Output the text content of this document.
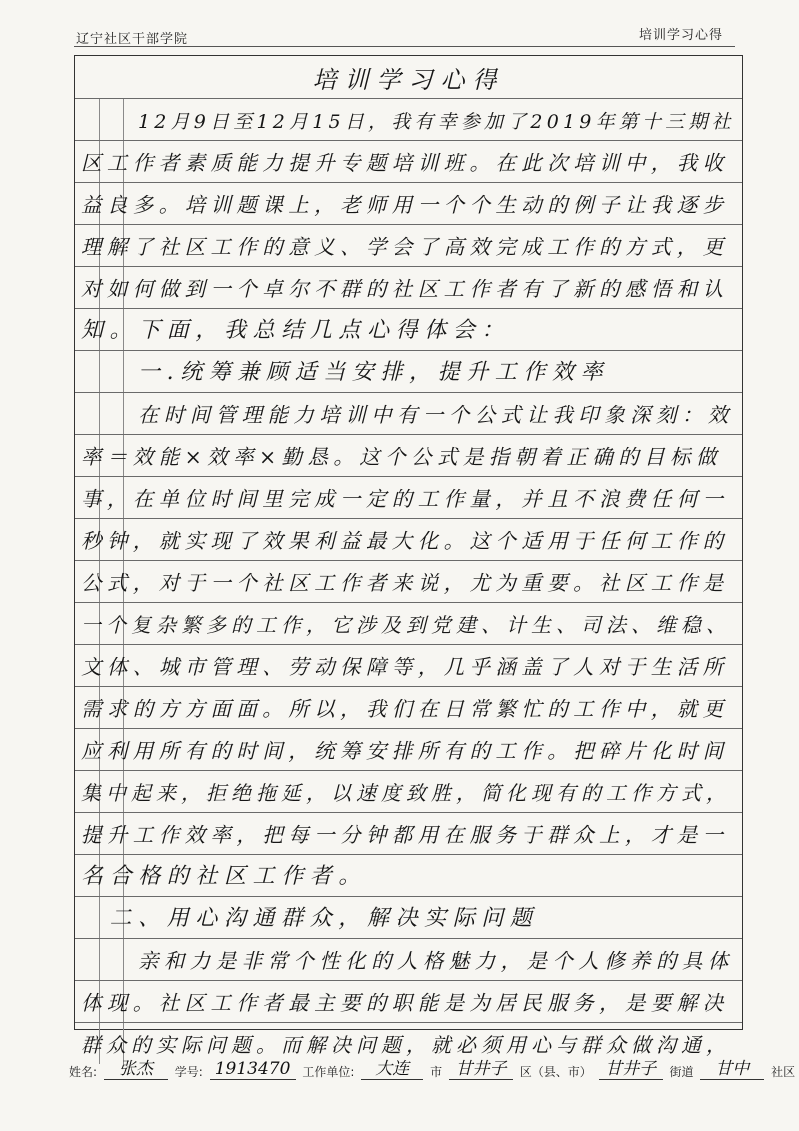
辽宁社区干部学院	培训学习心得
培训学习心得
12月9日至12月15日，我有幸参加了2019年第十三期社
区工作者素质能力提升专题培训班。在此次培训中，我收
益良多。培训题课上，老师用一个个生动的例子让我逐步
理解了社区工作的意义、学会了高效完成工作的方式，更
对如何做到一个卓尔不群的社区工作者有了新的感悟和认
知。下面，我总结几点心得体会：
一.统筹兼顾适当安排，提升工作效率
在时间管理能力培训中有一个公式让我印象深刻：效
率＝效能×效率×勤恳。这个公式是指朝着正确的目标做
事，在单位时间里完成一定的工作量，并且不浪费任何一
秒钟，就实现了效果利益最大化。这个适用于任何工作的
公式，对于一个社区工作者来说，尤为重要。社区工作是
一个复杂繁多的工作，它涉及到党建、计生、司法、维稳、
文体、城市管理、劳动保障等，几乎涵盖了人对于生活所
需求的方方面面。所以，我们在日常繁忙的工作中，就更
应利用所有的时间，统筹安排所有的工作。把碎片化时间
集中起来，拒绝拖延，以速度致胜，简化现有的工作方式，
提升工作效率，把每一分钟都用在服务于群众上，才是一
名合格的社区工作者。
二、用心沟通群众，解决实际问题
亲和力是非常个性化的人格魅力，是个人修养的具体
体现。社区工作者最主要的职能是为居民服务，是要解决
群众的实际问题。而解决问题，就必须用心与群众做沟通，
姓名: 张杰 学号: 1913470 工作单位: 大连 市 甘井子 区（县、市） 甘井子 街道 甘中 社区
